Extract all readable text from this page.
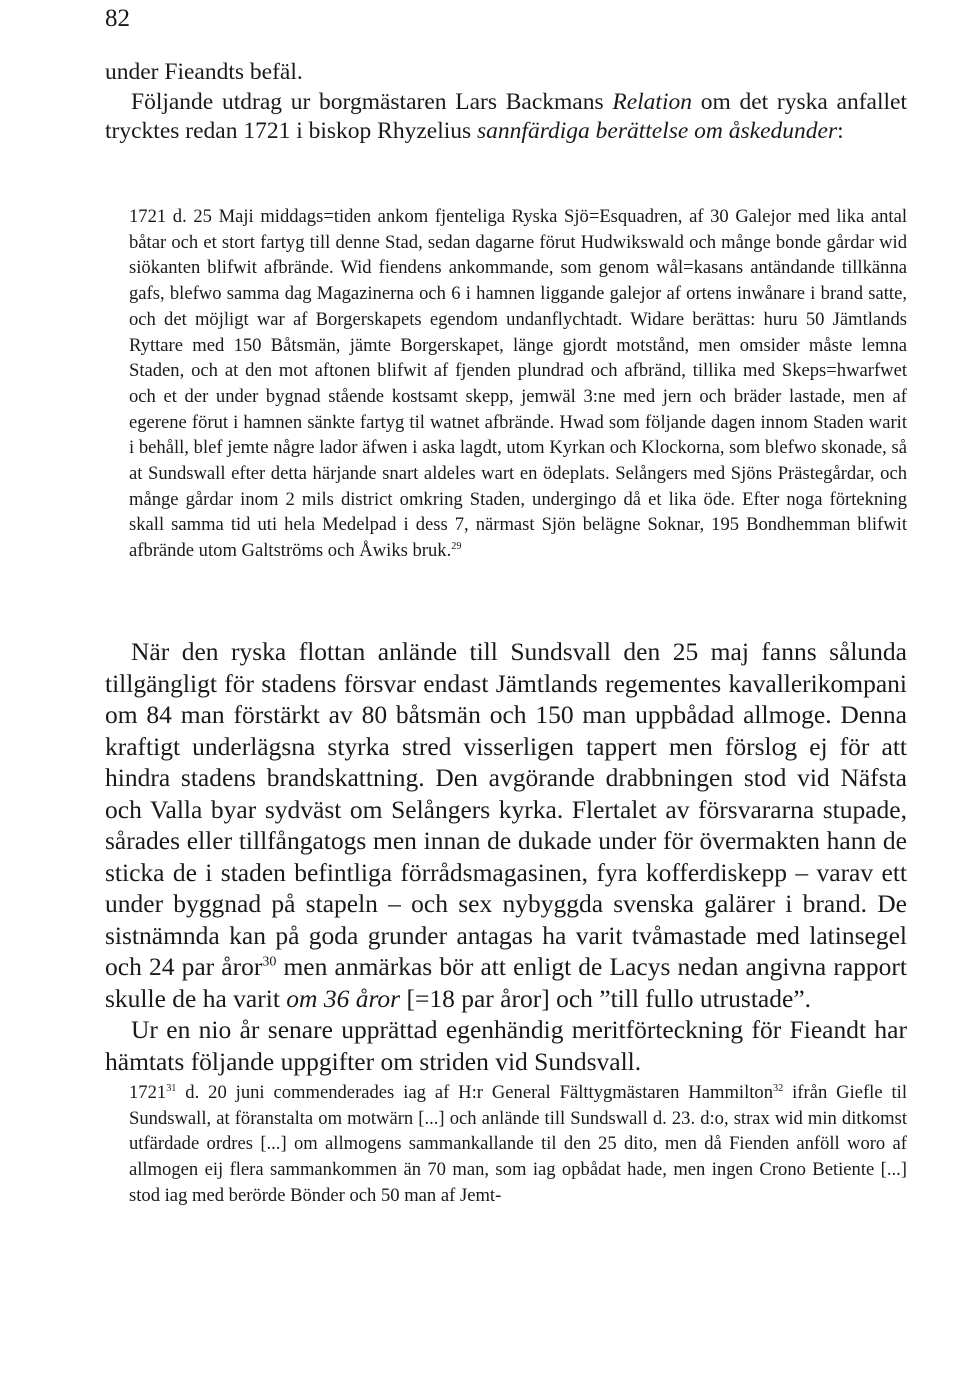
82

under Fieandts befäl.

Följande utdrag ur borgmästaren Lars Backmans Relation om det ryska anfallet trycktes redan 1721 i biskop Rhyzelius sannfärdiga berättelse om åskedunder:

1721 d. 25 Maji middags=tiden ankom fjenteliga Ryska Sjö=Esquadren, af 30 Galejor med lika antal båtar och et stort fartyg till denne Stad, sedan dagarne förut Hudwikswald och månge bonde gårdar wid siökanten blifwit afbrände. Wid fiendens ankommande, som genom wål=kasans antändande tillkänna gafs, blefwo samma dag Magazinerna och 6 i hamnen liggande galejor af ortens inwånare i brand satte, och det möjligt war af Borgerskapets egendom undanflychtadt. Widare berättas: huru 50 Jämtlands Ryttare med 150 Båtsmän, jämte Borgerskapet, länge gjordt motstånd, men omsider måste lemna Staden, och at den mot aftonen blifwit af fjenden plundrad och afbränd, tillika med Skeps=hwarfwet och et der under bygnad stående kostsamt skepp, jemwäl 3:ne med jern och bräder lastade, men af egerene förut i hamnen sänkte fartyg til watnet afbrände. Hwad som följande dagen innom Staden warit i behåll, blef jemte någre lador äfwen i aska lagdt, utom Kyrkan och Klockorna, som blefwo skonade, så at Sundswall efter detta härjande snart aldeles wart en ödeplats. Selångers med Sjöns Prästegårdar, och månge gårdar inom 2 mils district omkring Staden, undergingo då et lika öde. Efter noga förtekning skall samma tid uti hela Medelpad i dess 7, närmast Sjön belägne Soknar, 195 Bondhemman blifwit afbrände utom Galtströms och Åwiks bruk.$^{29}$

När den ryska flottan anlände till Sundsvall den 25 maj fanns sålunda tillgängligt för stadens försvar endast Jämtlands regementes kavallerikompani om 84 man förstärkt av 80 båtsmän och 150 man uppbådad allmoge. Denna kraftigt underlägsna styrka stred visserligen tappert men förslog ej för att hindra stadens brandskattning. Den avgörande drabbningen stod vid Näfsta och Valla byar sydväst om Selångers kyrka. Flertalet av försvararna stupade, sårades eller tillfångatogs men innan de dukade under för övermakten hann de sticka de i staden befintliga förrådsmagasinen, fyra kofferdiskepp – varav ett under byggnad på stapeln – och sex nybyggda svenska galärer i brand. De sistnämnda kan på goda grunder antagas ha varit tvåmastade med latinsegel och 24 par åror$^{30}$ men anmärkas bör att enligt de Lacys nedan angivna rapport skulle de ha varit om 36 åror [=18 par åror] och ”till fullo utrustade”.

Ur en nio år senare upprättad egenhändig meritförteckning för Fieandt har hämtats följande uppgifter om striden vid Sundsvall.

1721$^{31}$ d. 20 juni commenderades iag af H:r General Fälttygmästaren Hammilton$^{32}$ ifrån Giefle til Sundswall, at föranstalta om motwärn [...] och anlände till Sundswall d. 23. d:o, strax wid min ditkomst utfärdade ordres [...] om allmogens sammankallande til den 25 dito, men då Fienden anföll woro af allmogen eij flera sammankommen än 70 man, som iag opbådat hade, men ingen Crono Betiente [...] stod iag med berörde Bönder och 50 man af Jemt-
